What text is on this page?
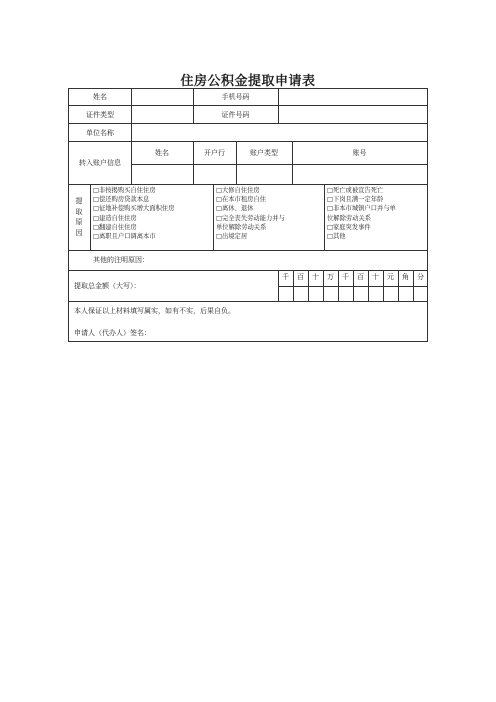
住房公积金提取申请表
姓名	手机号码
证件类型	证件号码
单位名称
转入账户信息
姓名	开户行	账户类型	账号
提
取
原
因
□非按揭购买自住住房
□偿还购房贷款本息
□征地补偿购买增大面积住房
□建造自住住房
□翻建自住住房
□离职且户口调离本市
□大修自住住房
□在本市租房自住
□离休、退休
□完全丧失劳动能力并与
单位解除劳动关系
□出境定居
□死亡或被宣告死亡
□下岗且满一定年龄
□非本市城镇户口并与单
位解除劳动关系
□家庭突发事件
□其他
其他的注明原因：
提取总金额（大写）：
千	百	十	万	千	百	十	元	角	分
本人保证以上材料填写属实，如有不实，后果自负。
申请人（代办人）签名：
